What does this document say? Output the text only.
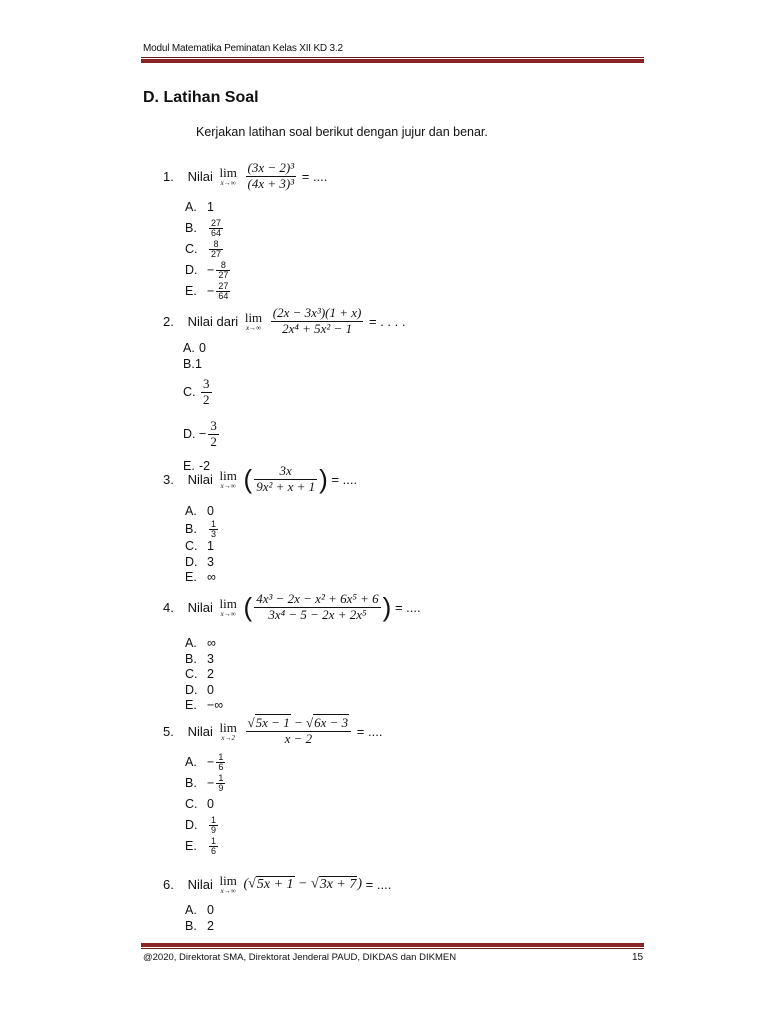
Modul Matematika Peminatan Kelas XII KD 3.2
D. Latihan Soal
Kerjakan latihan soal berikut dengan jujur dan benar.
1. Nilai lim
x→∞
$\frac{\text{(3x − 2)³}}{\text{(4x + 3)³}}$ = ....
A. 1
B. $\frac{27}{64}$
C. $\frac{8}{27}$
D. − $\frac{8}{27}$
E. − $\frac{27}{64}$
2. Nilai dari lim
x→∞
$\frac{\text{(2x − 3x³)(1 + x)}}{\text{2x⁴ + 5x² − 1}}$ = . . . .
A. 0
B.1
C. $\frac{3}{2}$
D. − $\frac{3}{2}$
E. -2
3. Nilai lim
x→∞ ( $\frac{3x}{\text{9x² + x + 1}}$ ) = ....
A. 0
B. $\frac{1}{3}$
C. 1
D. 3
E. ∞
4. Nilai lim
x→∞ ( $\frac{\text{4x³ − 2x − x² + 6x⁵ + 6}}{\text{3x⁴ − 5 − 2x + 2x⁵}}$ ) = ....
A. ∞
B. 3
C. 2
D. 0
E. −∞
5. Nilai lim
x→2
$\frac{√5x - 1 - √6x - 3}{x - 2}$ = ....
A. − $\frac{1}{6}$
B. − $\frac{1}{9}$
C. 0
D. $\frac{1}{9}$
E. $\frac{1}{6}$
6. Nilai lim
x→∞ (√5x + 1 − √3x + 7) = ....
A. 0
B. 2
@2020, Direktorat SMA, Direktorat Jenderal PAUD, DIKDAS dan DIKMEN	15
